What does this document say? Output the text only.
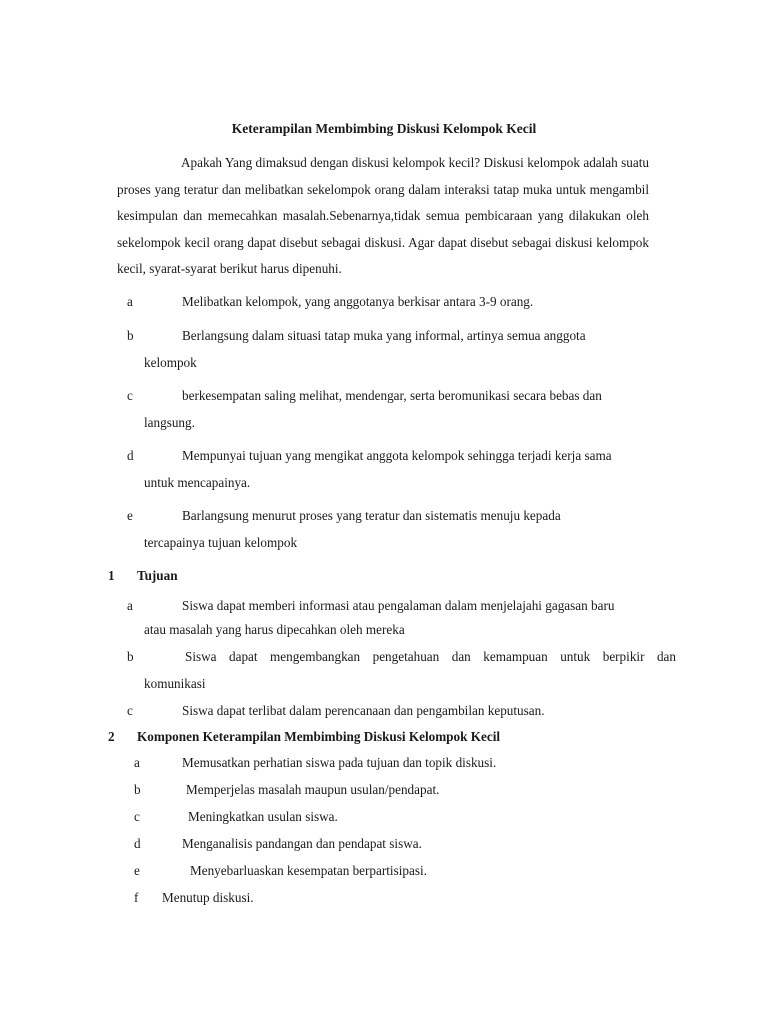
Keterampilan Membimbing Diskusi Kelompok Kecil
Apakah Yang dimaksud dengan diskusi kelompok kecil? Diskusi kelompok adalah suatu proses yang teratur dan melibatkan sekelompok orang dalam interaksi tatap muka untuk mengambil kesimpulan dan memecahkan masalah.Sebenarnya,tidak semua pembicaraan yang dilakukan oleh sekelompok kecil orang dapat disebut sebagai diskusi. Agar dapat disebut sebagai diskusi kelompok kecil, syarat-syarat berikut harus dipenuhi.
a	Melibatkan kelompok, yang anggotanya berkisar antara 3-9 orang.
b	Berlangsung dalam situasi tatap muka yang informal, artinya semua anggota
kelompok
c	berkesempatan saling melihat, mendengar, serta beromunikasi secara bebas dan
langsung.
d	Mempunyai tujuan yang mengikat anggota kelompok sehingga terjadi kerja sama
untuk mencapainya.
e	Barlangsung menurut proses yang teratur dan sistematis menuju kepada
tercapainya tujuan kelompok
1 Tujuan
a	Siswa dapat memberi informasi atau pengalaman dalam menjelajahi gagasan baru
atau masalah yang harus dipecahkan oleh mereka
b	Siswa dapat mengembangkan pengetahuan dan kemampuan untuk berpikir dan
komunikasi
c	Siswa dapat terlibat dalam perencanaan dan pengambilan keputusan.
2 Komponen Keterampilan Membimbing Diskusi Kelompok Kecil
a	Memusatkan perhatian siswa pada tujuan dan topik diskusi.
b	Memperjelas masalah maupun usulan/pendapat.
c	Meningkatkan usulan siswa.
d	Menganalisis pandangan dan pendapat siswa.
e	Menyebarluaskan kesempatan berpartisipasi.
f Menutup diskusi.
